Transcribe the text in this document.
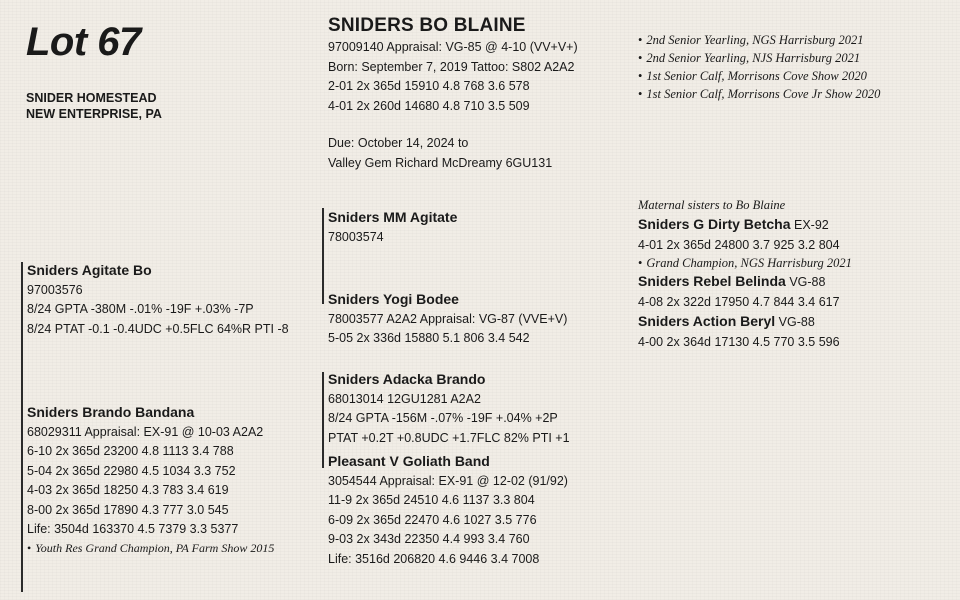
Lot 67
SNIDER HOMESTEAD
NEW ENTERPRISE, PA
SNIDERS BO BLAINE
97009140 Appraisal: VG-85 @ 4-10 (VV+V+)
Born: September 7, 2019 Tattoo: S802 A2A2
2-01 2x 365d 15910 4.8 768 3.6 578
4-01 2x 260d 14680 4.8 710 3.5 509
Due: October 14, 2024 to
Valley Gem Richard McDreamy 6GU131
• 2nd Senior Yearling, NGS Harrisburg 2021
• 2nd Senior Yearling, NJS Harrisburg 2021
• 1st Senior Calf, Morrisons Cove Show 2020
• 1st Senior Calf, Morrisons Cove Jr Show 2020
Sniders Agitate Bo
97003576
8/24 GPTA -380M -.01% -19F +.03% -7P
8/24 PTAT -0.1 -0.4UDC +0.5FLC 64%R PTI -8
Sniders Brando Bandana
68029311 Appraisal: EX-91 @ 10-03 A2A2
6-10 2x 365d 23200 4.8 1113 3.4 788
5-04 2x 365d 22980 4.5 1034 3.3 752
4-03 2x 365d 18250 4.3 783 3.4 619
8-00 2x 365d 17890 4.3 777 3.0 545
Life: 3504d 163370 4.5 7379 3.3 5377
• Youth Res Grand Champion, PA Farm Show 2015
Sniders MM Agitate
78003574
Sniders Yogi Bodee
78003577 A2A2 Appraisal: VG-87 (VVE+V)
5-05 2x 336d 15880 5.1 806 3.4 542
Sniders Adacka Brando
68013014 12GU1281 A2A2
8/24 GPTA -156M -.07% -19F +.04% +2P
PTAT +0.2T +0.8UDC +1.7FLC 82% PTI +1
Pleasant V Goliath Band
3054544 Appraisal: EX-91 @ 12-02 (91/92)
11-9 2x 365d 24510 4.6 1137 3.3 804
6-09 2x 365d 22470 4.6 1027 3.5 776
9-03 2x 343d 22350 4.4 993 3.4 760
Life: 3516d 206820 4.6 9446 3.4 7008
Maternal sisters to Bo Blaine
Sniders G Dirty Betcha EX-92
4-01 2x 365d 24800 3.7 925 3.2 804
• Grand Champion, NGS Harrisburg 2021
Sniders Rebel Belinda VG-88
4-08 2x 322d 17950 4.7 844 3.4 617
Sniders Action Beryl VG-88
4-00 2x 364d 17130 4.5 770 3.5 596
